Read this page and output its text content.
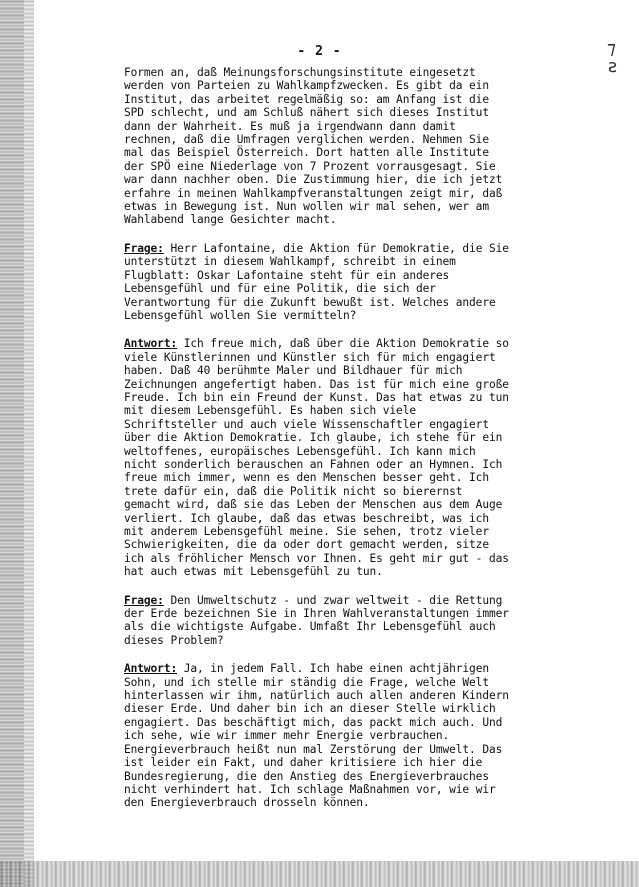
⁊
ƨ
- 2 -
Formen an, daß Meinungsforschungsinstitute eingesetzt
werden von Parteien zu Wahlkampfzwecken. Es gibt da ein
Institut, das arbeitet regelmäßig so: am Anfang ist die
SPD schlecht, und am Schluß nähert sich dieses Institut
dann der Wahrheit. Es muß ja irgendwann dann damit
rechnen, daß die Umfragen verglichen werden. Nehmen Sie
mal das Beispiel Österreich. Dort hatten alle Institute
der SPÖ eine Niederlage von 7 Prozent vorrausgesagt. Sie
war dann nachher oben. Die Zustimmung hier, die ich jetzt
erfahre in meinen Wahlkampfveranstaltungen zeigt mir, daß
etwas in Bewegung ist. Nun wollen wir mal sehen, wer am
Wahlabend lange Gesichter macht.
Frage: Herr Lafontaine, die Aktion für Demokratie, die Sie
unterstützt in diesem Wahlkampf, schreibt in einem
Flugblatt: Oskar Lafontaine steht für ein anderes
Lebensgefühl und für eine Politik, die sich der
Verantwortung für die Zukunft bewußt ist. Welches andere
Lebensgefühl wollen Sie vermitteln?
Antwort: Ich freue mich, daß über die Aktion Demokratie so
viele Künstlerinnen und Künstler sich für mich engagiert
haben. Daß 40 berühmte Maler und Bildhauer für mich
Zeichnungen angefertigt haben. Das ist für mich eine große
Freude. Ich bin ein Freund der Kunst. Das hat etwas zu tun
mit diesem Lebensgefühl. Es haben sich viele
Schriftsteller und auch viele Wissenschaftler engagiert
über die Aktion Demokratie. Ich glaube, ich stehe für ein
weltoffenes, europäisches Lebensgefühl. Ich kann mich
nicht sonderlich berauschen an Fahnen oder an Hymnen. Ich
freue mich immer, wenn es den Menschen besser geht. Ich
trete dafür ein, daß die Politik nicht so bierernst
gemacht wird, daß sie das Leben der Menschen aus dem Auge
verliert. Ich glaube, daß das etwas beschreibt, was ich
mit anderem Lebensgefühl meine. Sie sehen, trotz vieler
Schwierigkeiten, die da oder dort gemacht werden, sitze
ich als fröhlicher Mensch vor Ihnen. Es geht mir gut - das
hat auch etwas mit Lebensgefühl zu tun.
Frage: Den Umweltschutz - und zwar weltweit - die Rettung
der Erde bezeichnen Sie in Ihren Wahlveranstaltungen immer
als die wichtigste Aufgabe. Umfaßt Ihr Lebensgefühl auch
dieses Problem?
Antwort: Ja, in jedem Fall. Ich habe einen achtjährigen
Sohn, und ich stelle mir ständig die Frage, welche Welt
hinterlassen wir ihm, natürlich auch allen anderen Kindern
dieser Erde. Und daher bin ich an dieser Stelle wirklich
engagiert. Das beschäftigt mich, das packt mich auch. Und
ich sehe, wie wir immer mehr Energie verbrauchen.
Energieverbrauch heißt nun mal Zerstörung der Umwelt. Das
ist leider ein Fakt, und daher kritisiere ich hier die
Bundesregierung, die den Anstieg des Energieverbrauches
nicht verhindert hat. Ich schlage Maßnahmen vor, wie wir
den Energieverbrauch drosseln können.
